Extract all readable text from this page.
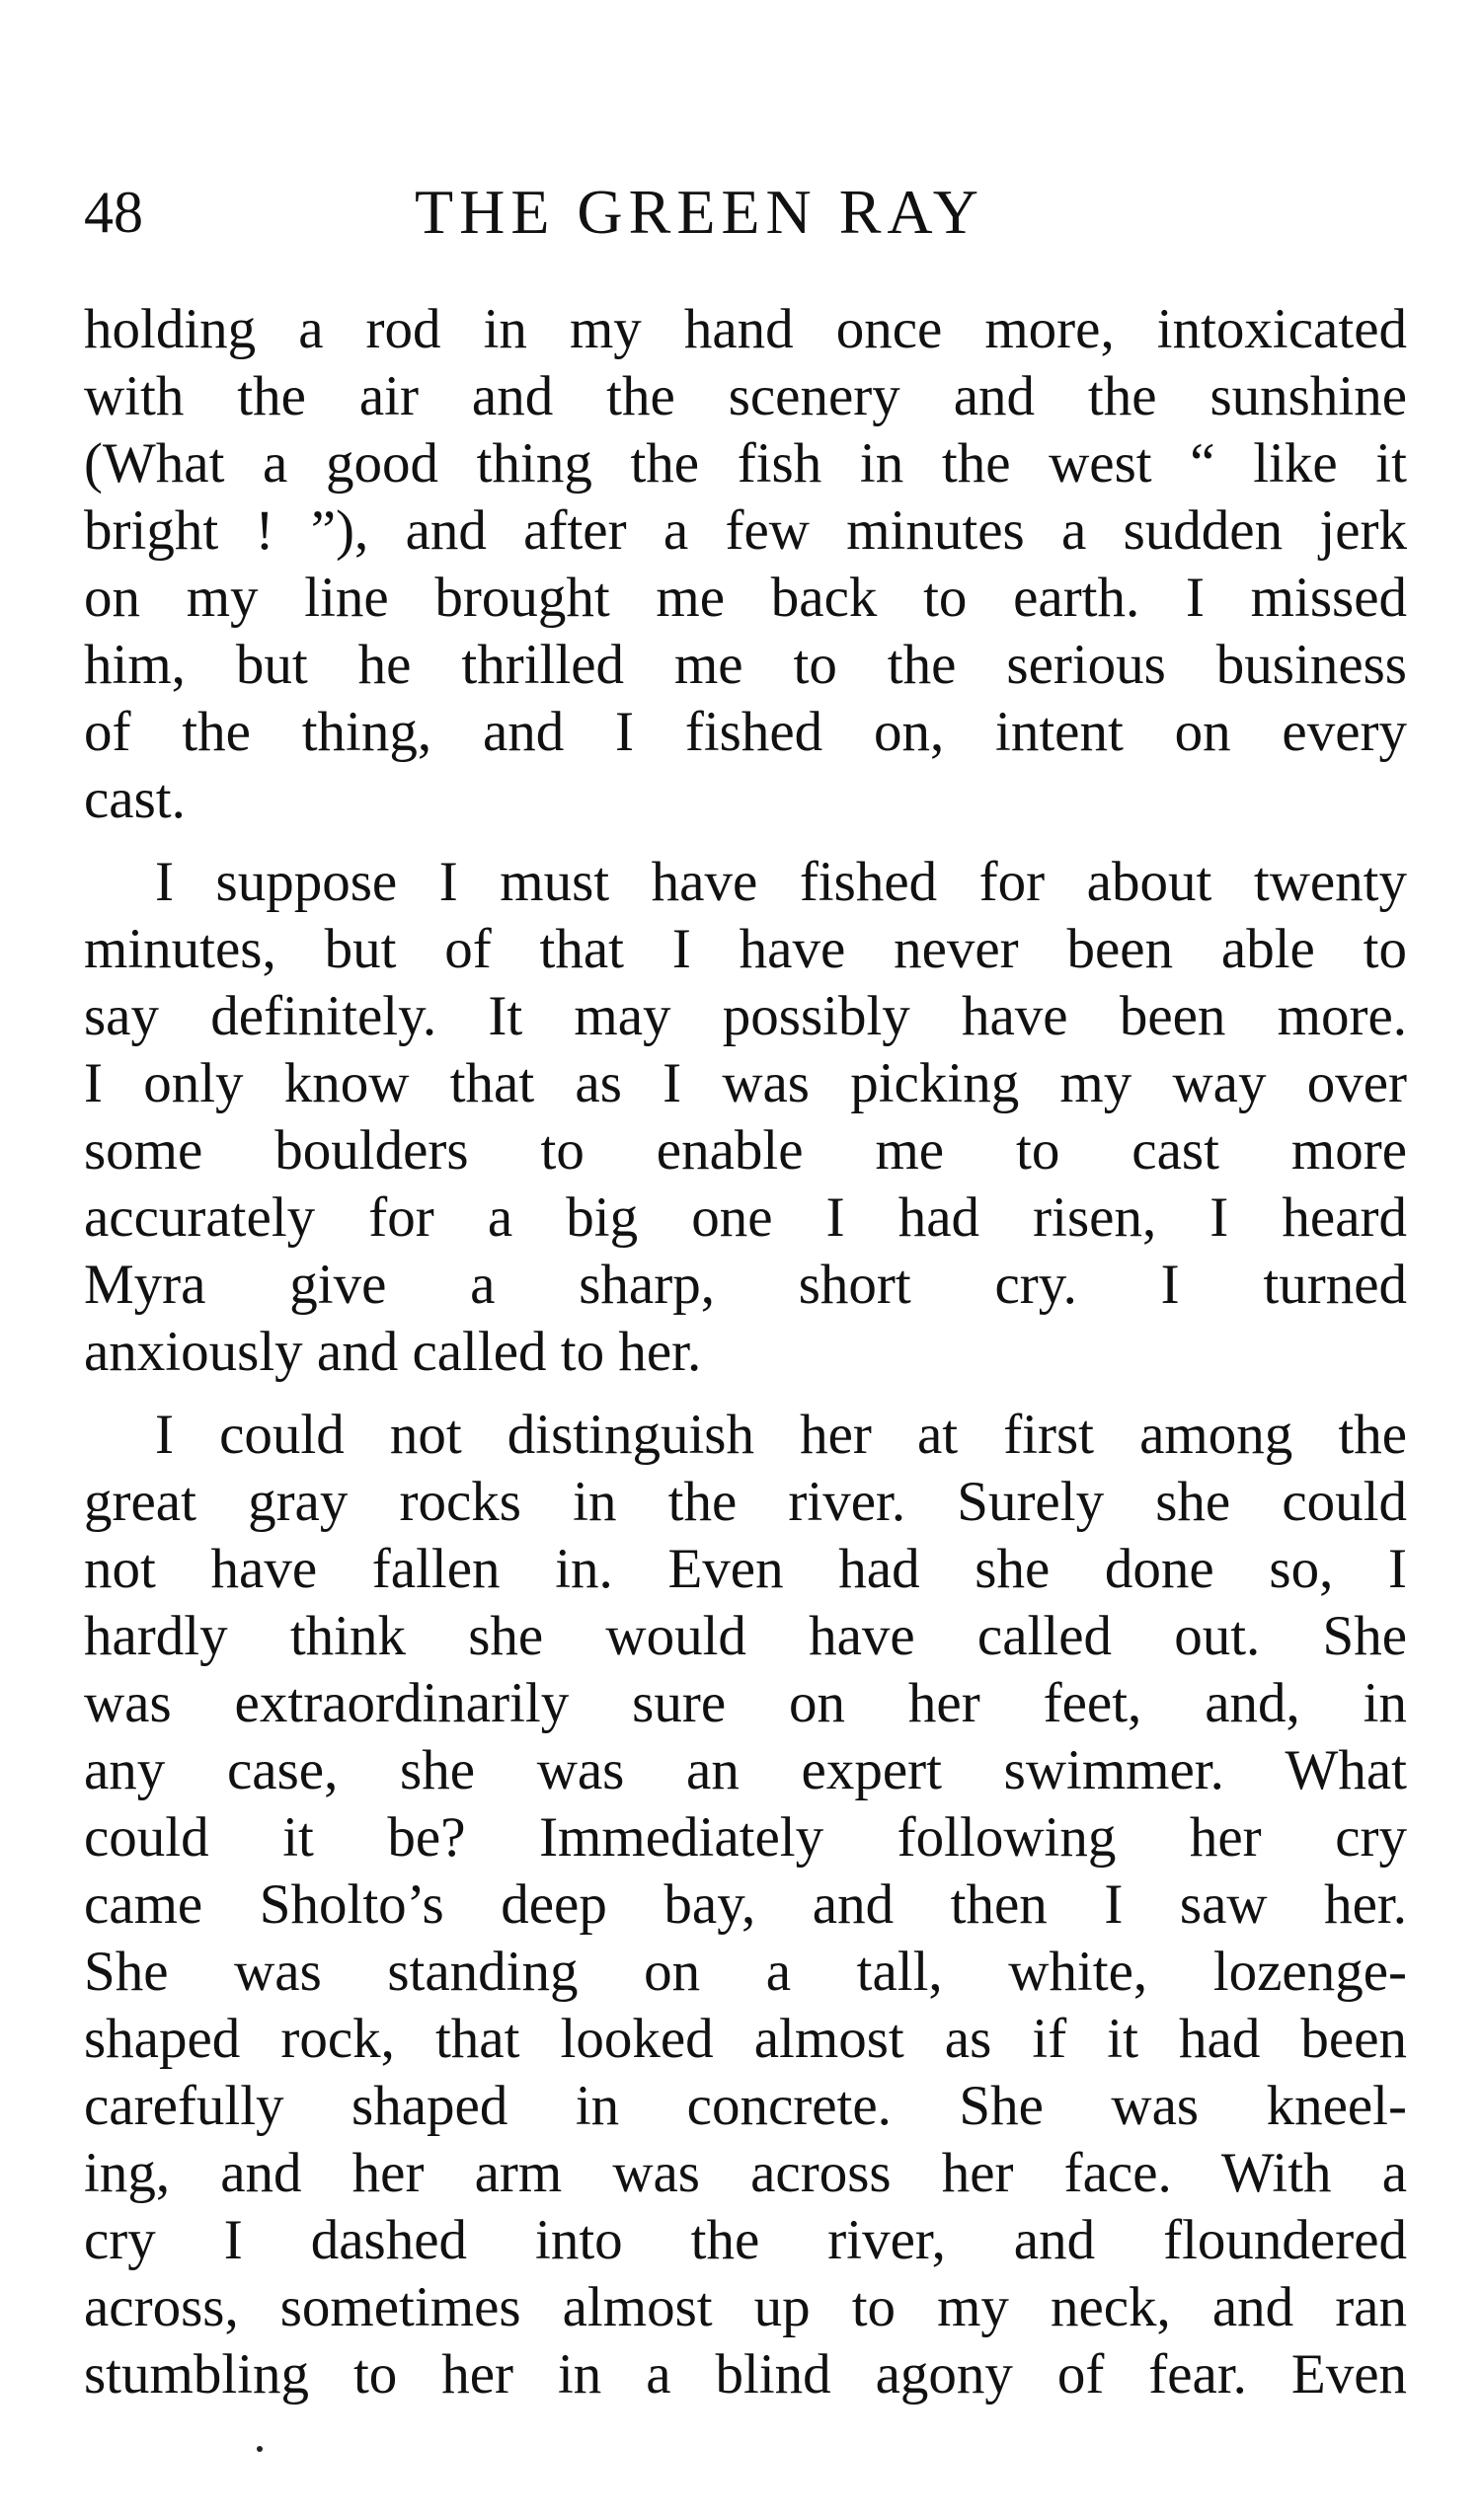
48	THE GREEN RAY
holding a rod in my hand once more, intoxicated
with the air and the scenery and the sunshine
(What a good thing the fish in the west “ like it
bright ! ”), and after a few minutes a sudden jerk
on my line brought me back to earth. I missed
him, but he thrilled me to the serious business
of the thing, and I fished on, intent on every
cast.
I suppose I must have fished for about twenty
minutes, but of that I have never been able to
say definitely. It may possibly have been more.
I only know that as I was picking my way over
some boulders to enable me to cast more
accurately for a big one I had risen, I heard
Myra give a sharp, short cry. I turned
anxiously and called to her.
I could not distinguish her at first among the
great gray rocks in the river. Surely she could
not have fallen in. Even had she done so, I
hardly think she would have called out. She
was extraordinarily sure on her feet, and, in
any case, she was an expert swimmer. What
could it be? Immediately following her cry
came Sholto’s deep bay, and then I saw her.
She was standing on a tall, white, lozenge-
shaped rock, that looked almost as if it had been
carefully shaped in concrete. She was kneel-
ing, and her arm was across her face. With a
cry I dashed into the river, and floundered
across, sometimes almost up to my neck, and ran
stumbling to her in a blind agony of fear. Even
